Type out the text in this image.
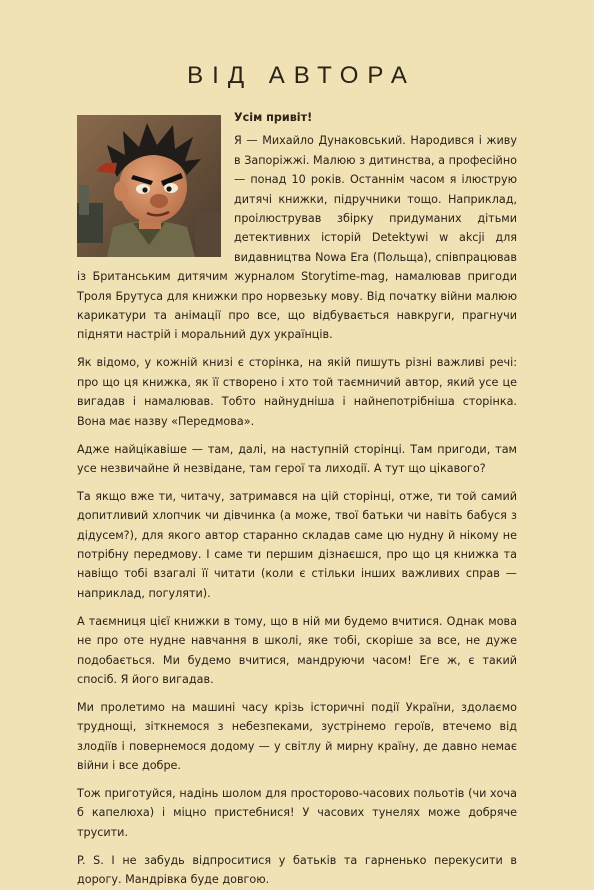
ВІД АВТОРА

Усім привіт!

Я — Михайло Дунаковський. Народився і живу в Запоріжжі. Малюю з дитинства, а професійно — понад 10 років. Останнім часом я ілюструю дитячі книжки, підручники тощо. Наприклад, проілюстрував збірку придуманих дітьми детективних історій Detektywi w akcji для видавництва Nowa Era (Польща), співпрацював із Британським дитячим журналом Storytime-mag, намалював пригоди Троля Брутуса для книжки про норвезьку мову. Від початку війни малюю карикатури та анімації про все, що відбувається навкруги, прагнучи підняти настрій і моральний дух українців.

Як відомо, у кожній книзі є сторінка, на якій пишуть різні важливі речі: про що ця книжка, як її створено і хто той таємничий автор, який усе це вигадав і намалював. Тобто найнудніша і найнепотрібніша сторінка. Вона має назву «Передмова».

Адже найцікавіше — там, далі, на наступній сторінці. Там пригоди, там усе незвичайне й незвідане, там герої та лиходії. А тут що цікавого?

Та якщо вже ти, читачу, затримався на цій сторінці, отже, ти той самий допитливий хлопчик чи дівчинка (а може, твої батьки чи навіть бабуся з дідусем?), для якого автор старанно складав саме цю нудну й нікому не потрібну передмову. І саме ти першим дізнаєшся, про що ця книжка та навіщо тобі взагалі її читати (коли є стільки інших важливих справ — наприклад, погуляти).

А таємниця цієї книжки в тому, що в ній ми будемо вчитися. Однак мова не про оте нудне навчання в школі, яке тобі, скоріше за все, не дуже подобається. Ми будемо вчитися, мандруючи часом! Еге ж, є такий спосіб. Я його вигадав.

Ми пролетимо на машині часу крізь історичні події України, здолаємо труднощі, зіткнемося з небезпеками, зустрінемо героїв, втечемо від злодіїв і повернемося додому — у світлу й мирну країну, де давно немає війни і все добре.

Тож приготуйся, надінь шолом для просторово-часових польотів (чи хоча б капелюха) і міцно пристебнися! У часових тунелях може добряче трусити.

P. S. І не забудь відпроситися у батьків та гарненько перекусити в дорогу. Мандрівка буде довгою.
